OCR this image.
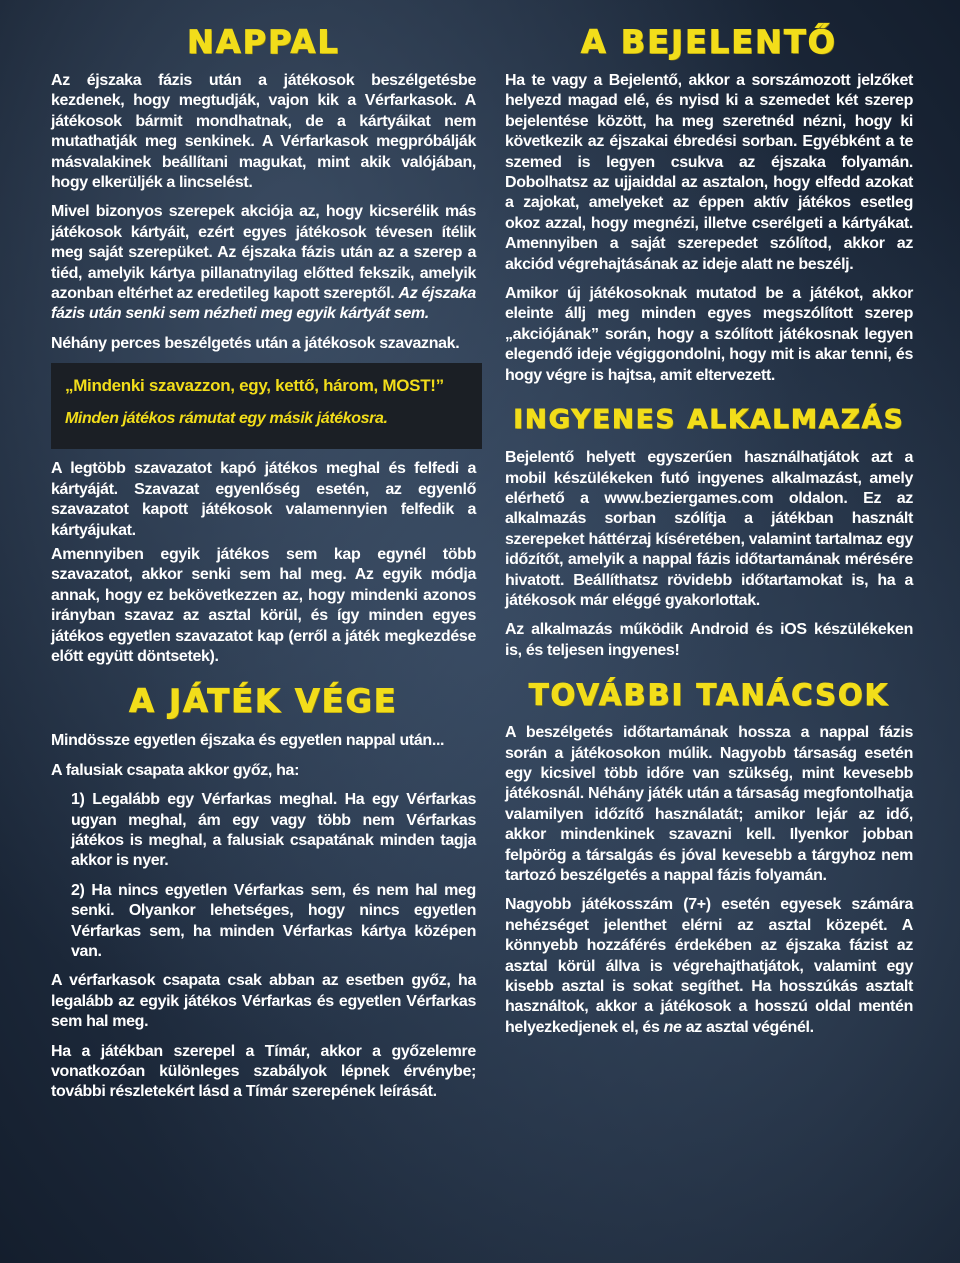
NAPPAL

Az éjszaka fázis után a játékosok beszélgetésbe kezdenek, hogy megtudják, vajon kik a Vérfarkasok. A játékosok bármit mondhatnak, de a kártyáikat nem mutathatják meg senkinek. A Vérfarkasok megpróbálják másvalakinek beállítani magukat, mint akik valójában, hogy elkerüljék a lincselést.

Mivel bizonyos szerepek akciója az, hogy kicserélik más játékosok kártyáit, ezért egyes játékosok tévesen ítélik meg saját szerepüket. Az éjszaka fázis után az a szerep a tiéd, amelyik kártya pillanatnyilag előtted fekszik, amelyik azonban eltérhet az eredetileg kapott szereptől. Az éjszaka fázis után senki sem nézheti meg egyik kártyát sem.

Néhány perces beszélgetés után a játékosok szavaznak.

„Mindenki szavazzon, egy, kettő, három, MOST!”
Minden játékos rámutat egy másik játékosra.

A legtöbb szavazatot kapó játékos meghal és felfedi a kártyáját. Szavazat egyenlőség esetén, az egyenlő szavazatot kapott játékosok valamennyien felfedik a kártyájukat.

Amennyiben egyik játékos sem kap egynél több szavazatot, akkor senki sem hal meg. Az egyik módja annak, hogy ez bekövetkezzen az, hogy mindenki azonos irányban szavaz az asztal körül, és így minden egyes játékos egyetlen szavazatot kap (erről a játék megkezdése előtt együtt döntsetek).

A JÁTÉK VÉGE

Mindössze egyetlen éjszaka és egyetlen nappal után...

A falusiak csapata akkor győz, ha:

1) Legalább egy Vérfarkas meghal. Ha egy Vérfarkas ugyan meghal, ám egy vagy több nem Vérfarkas játékos is meghal, a falusiak csapatának minden tagja akkor is nyer.

2) Ha nincs egyetlen Vérfarkas sem, és nem hal meg senki. Olyankor lehetséges, hogy nincs egyetlen Vérfarkas sem, ha minden Vérfarkas kártya középen van.

A vérfarkasok csapata csak abban az esetben győz, ha legalább az egyik játékos Vérfarkas és egyetlen Vérfarkas sem hal meg.

Ha a játékban szerepel a Tímár, akkor a győzelemre vonatkozóan különleges szabályok lépnek érvénybe; további részletekért lásd a Tímár szerepének leírását.

A BEJELENTŐ

Ha te vagy a Bejelentő, akkor a sorszámozott jelzőket helyezd magad elé, és nyisd ki a szemedet két szerep bejelentése között, ha meg szeretnéd nézni, hogy ki következik az éjszakai ébredési sorban. Egyébként a te szemed is legyen csukva az éjszaka folyamán. Dobolhatsz az ujjaiddal az asztalon, hogy elfedd azokat a zajokat, amelyeket az éppen aktív játékos esetleg okoz azzal, hogy megnézi, illetve cserélgeti a kártyákat. Amennyiben a saját szerepedet szólítod, akkor az akciód végrehajtásának az ideje alatt ne beszélj.

Amikor új játékosoknak mutatod be a játékot, akkor eleinte állj meg minden egyes megszólított szerep „akciójának” során, hogy a szólított játékosnak legyen elegendő ideje végiggondolni, hogy mit is akar tenni, és hogy végre is hajtsa, amit eltervezett.

INGYENES ALKALMAZÁS

Bejelentő helyett egyszerűen használhatjátok azt a mobil készülékeken futó ingyenes alkalmazást, amely elérhető a www.beziergames.com oldalon. Ez az alkalmazás sorban szólítja a játékban használt szerepeket háttérzaj kíséretében, valamint tartalmaz egy időzítőt, amelyik a nappal fázis időtartamának mérésére hivatott. Beállíthatsz rövidebb időtartamokat is, ha a játékosok már eléggé gyakorlottak.

Az alkalmazás működik Android és iOS készülékeken is, és teljesen ingyenes!

TOVÁBBI TANÁCSOK

A beszélgetés időtartamának hossza a nappal fázis során a játékosokon múlik. Nagyobb társaság esetén egy kicsivel több időre van szükség, mint kevesebb játékosnál. Néhány játék után a társaság megfontolhatja valamilyen időzítő használatát; amikor lejár az idő, akkor mindenkinek szavazni kell. Ilyenkor jobban felpörög a társalgás és jóval kevesebb a tárgyhoz nem tartozó beszélgetés a nappal fázis folyamán.

Nagyobb játékosszám (7+) esetén egyesek számára nehézséget jelenthet elérni az asztal közepét. A könnyebb hozzáférés érdekében az éjszaka fázist az asztal körül állva is végrehajthatjátok, valamint egy kisebb asztal is sokat segíthet. Ha hosszúkás asztalt használtok, akkor a játékosok a hosszú oldal mentén helyezkedjenek el, és ne az asztal végénél.
